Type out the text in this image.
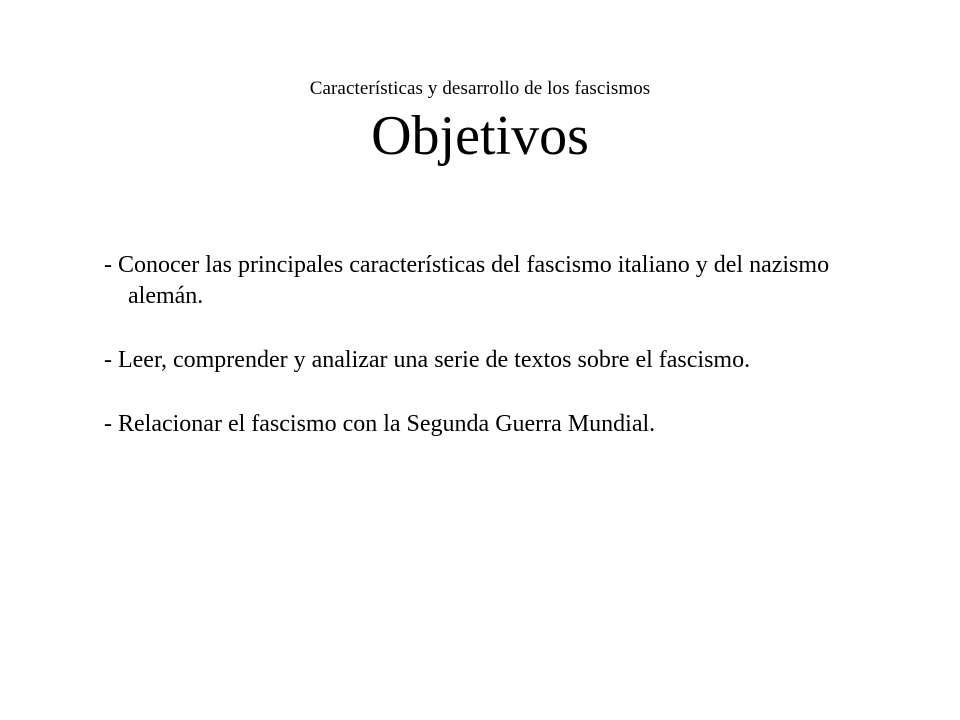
Características y desarrollo de los fascismos
Objetivos
- Conocer las principales características del fascismo italiano y del nazismo alemán.
- Leer, comprender y analizar una serie de textos sobre el fascismo.
- Relacionar el fascismo con la Segunda Guerra Mundial.
